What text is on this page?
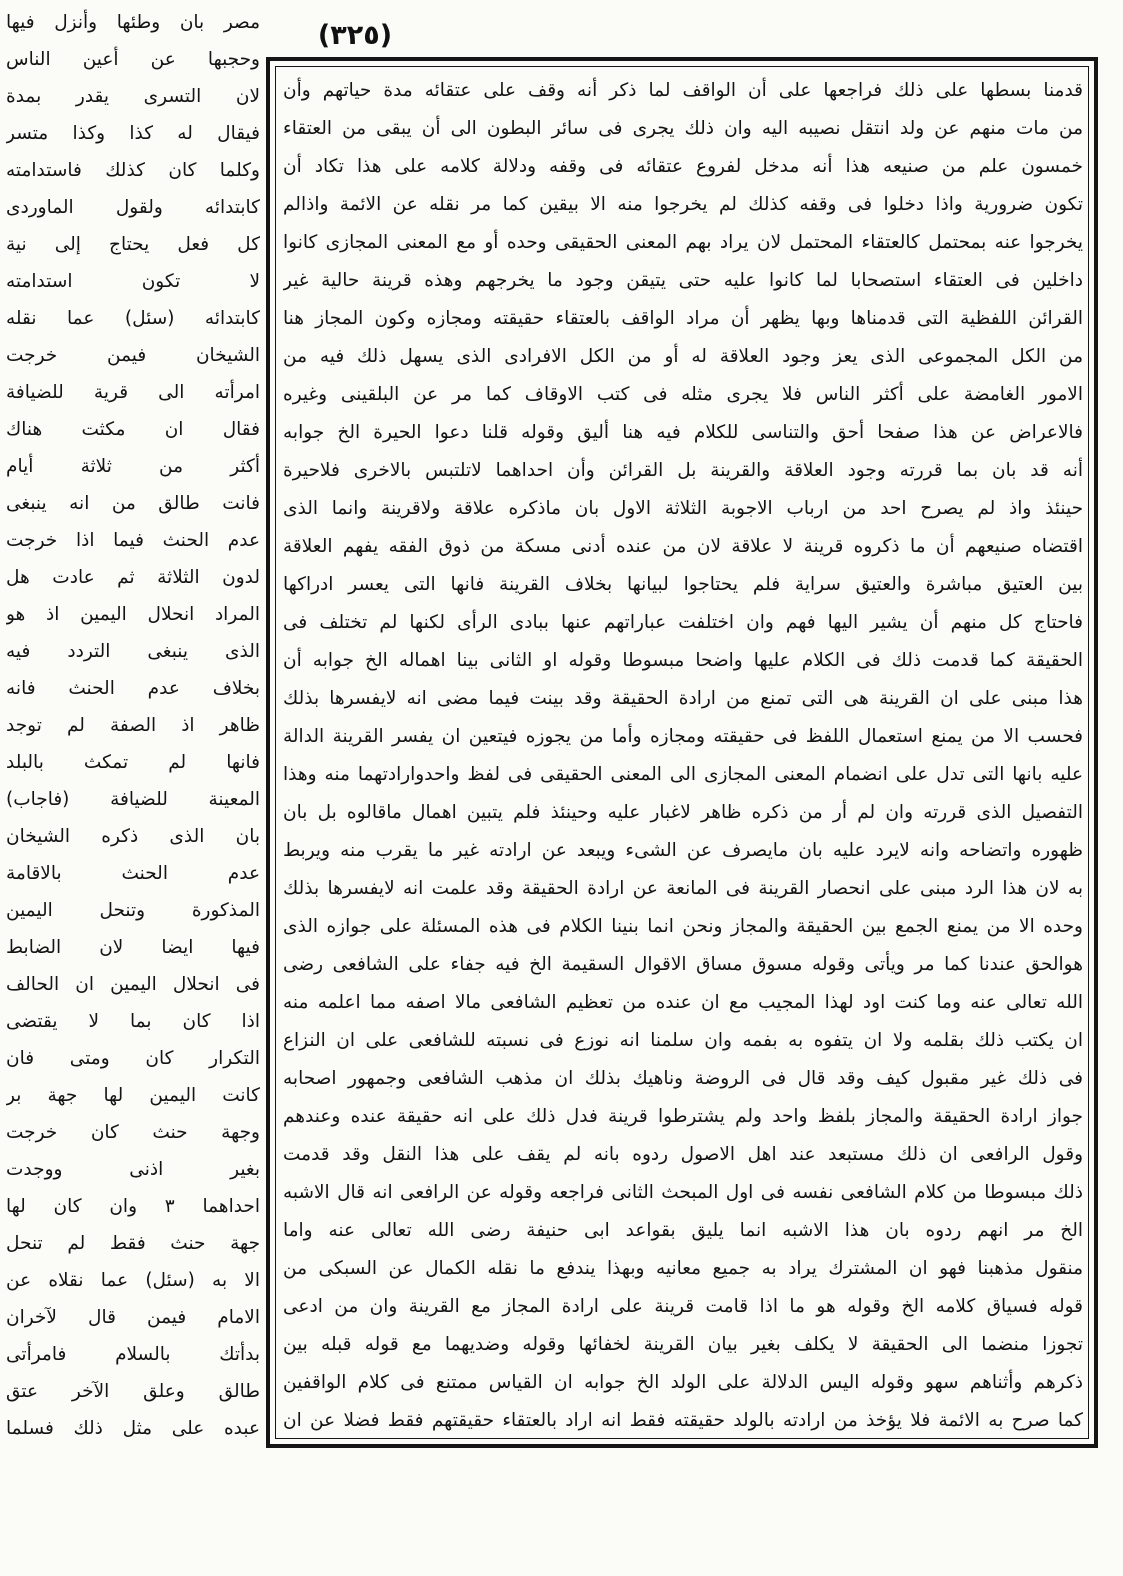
(٣٢٥)
قدمنا بسطها على ذلك فراجعها على أن الواقف لما ذكر أنه وقف على عتقائه مدة حياتهم وأن
من مات منهم عن ولد انتقل نصيبه اليه وان ذلك يجرى فى سائر البطون الى أن يبقى من العتقاء
خمسون علم من صنيعه هذا أنه مدخل لفروع عتقائه فى وقفه ودلالة كلامه على هذا تكاد أن
تكون ضرورية واذا دخلوا فى وقفه كذلك لم يخرجوا منه الا بيقين كما مر نقله عن الائمة واذالم
يخرجوا عنه بمحتمل كالعتقاء المحتمل لان يراد بهم المعنى الحقيقى وحده أو مع المعنى المجازى كانوا
داخلين فى العتقاء استصحابا لما كانوا عليه حتى يتيقن وجود ما يخرجهم وهذه قرينة حالية غير
القرائن اللفظية التى قدمناها وبها يظهر أن مراد الواقف بالعتقاء حقيقته ومجازه وكون المجاز هنا
من الكل المجموعى الذى يعز وجود العلاقة له أو من الكل الافرادى الذى يسهل ذلك فيه من
الامور الغامضة على أكثر الناس فلا يجرى مثله فى كتب الاوقاف كما مر عن البلقينى وغيره
فالاعراض عن هذا صفحا أحق والتناسى للكلام فيه هنا أليق وقوله قلنا دعوا الحيرة الخ جوابه
أنه قد بان بما قررته وجود العلاقة والقرينة بل القرائن وأن احداهما لاتلتبس بالاخرى فلاحيرة
حينئذ واذ لم يصرح احد من ارباب الاجوبة الثلاثة الاول بان ماذكره علاقة ولاقرينة وانما الذى
اقتضاه صنيعهم أن ما ذكروه قرينة لا علاقة لان من عنده أدنى مسكة من ذوق الفقه يفهم العلاقة
بين العتيق مباشرة والعتيق سراية فلم يحتاجوا لبيانها بخلاف القرينة فانها التى يعسر ادراكها
فاحتاج كل منهم أن يشير اليها فهم وان اختلفت عباراتهم عنها ببادى الرأى لكنها لم تختلف فى
الحقيقة كما قدمت ذلك فى الكلام عليها واضحا مبسوطا وقوله او الثانى بينا اهماله الخ جوابه أن
هذا مبنى على ان القرينة هى التى تمنع من ارادة الحقيقة وقد بينت فيما مضى انه لايفسرها بذلك
فحسب الا من يمنع استعمال اللفظ فى حقيقته ومجازه وأما من يجوزه فيتعين ان يفسر القرينة الدالة
عليه بانها التى تدل على انضمام المعنى المجازى الى المعنى الحقيقى فى لفظ واحدوارادتهما منه وهذا
التفصيل الذى قررته وان لم أر من ذكره ظاهر لاغبار عليه وحينئذ فلم يتبين اهمال ماقالوه بل بان
ظهوره واتضاحه وانه لايرد عليه بان مايصرف عن الشىء ويبعد عن ارادته غير ما يقرب منه ويربط
به لان هذا الرد مبنى على انحصار القرينة فى المانعة عن ارادة الحقيقة وقد علمت انه لايفسرها بذلك
وحده الا من يمنع الجمع بين الحقيقة والمجاز ونحن انما بنينا الكلام فى هذه المسئلة على جوازه الذى
هوالحق عندنا كما مر ويأتى وقوله مسوق مساق الاقوال السقيمة الخ فيه جفاء على الشافعى رضى
الله تعالى عنه وما كنت اود لهذا المجيب مع ان عنده من تعظيم الشافعى مالا اصفه مما اعلمه منه
ان يكتب ذلك بقلمه ولا ان يتفوه به بفمه وان سلمنا انه نوزع فى نسبته للشافعى على ان النزاع
فى ذلك غير مقبول كيف وقد قال فى الروضة وناهيك بذلك ان مذهب الشافعى وجمهور اصحابه
جواز ارادة الحقيقة والمجاز بلفظ واحد ولم يشترطوا قرينة فدل ذلك على انه حقيقة عنده وعندهم
وقول الرافعى ان ذلك مستبعد عند اهل الاصول ردوه بانه لم يقف على هذا النقل وقد قدمت
ذلك مبسوطا من كلام الشافعى نفسه فى اول المبحث الثانى فراجعه وقوله عن الرافعى انه قال الاشبه
الخ مر انهم ردوه بان هذا الاشبه انما يليق بقواعد ابى حنيفة رضى الله تعالى عنه واما
منقول مذهبنا فهو ان المشترك يراد به جميع معانيه وبهذا يندفع ما نقله الكمال عن السبكى من
قوله فسياق كلامه الخ وقوله هو ما اذا قامت قرينة على ارادة المجاز مع القرينة وان من ادعى
تجوزا منضما الى الحقيقة لا يكلف بغير بيان القرينة لخفائها وقوله وضديهما مع قوله قبله بين
ذكرهم وأثناهم سهو وقوله اليس الدلالة على الولد الخ جوابه ان القياس ممتنع فى كلام الواقفين
كما صرح به الائمة فلا يؤخذ من ارادته بالولد حقيقته فقط انه اراد بالعتقاء حقيقتهم فقط فضلا عن ان
مصر بان وطئها وأنزل فيها
وحجبها عن أعين الناس
لان التسرى يقدر بمدة
فيقال له كذا وكذا متسر
وكلما كان كذلك فاستدامته
كابتدائه ولقول الماوردى
كل فعل يحتاج إلى نية
لا تكون استدامته
كابتدائه (سئل) عما نقله
الشيخان فيمن خرجت
امرأته الى قرية للضيافة
فقال ان مكثت هناك
أكثر من ثلاثة أيام
فانت طالق من انه ينبغى
عدم الحنث فيما اذا خرجت
لدون الثلاثة ثم عادت هل
المراد انحلال اليمين اذ هو
الذى ينبغى التردد فيه
بخلاف عدم الحنث فانه
ظاهر اذ الصفة لم توجد
فانها لم تمكث بالبلد
المعينة للضيافة (فاجاب)
بان الذى ذكره الشيخان
عدم الحنث بالاقامة
المذكورة وتنحل اليمين
فيها ايضا لان الضابط
فى انحلال اليمين ان الحالف
اذا كان بما لا يقتضى
التكرار كان ومتى فان
كانت اليمين لها جهة بر
وجهة حنث كان خرجت
بغير اذنى ووجدت
احداهما ٣ وان كان لها
جهة حنث فقط لم تنحل
الا به (سئل) عما نقلاه عن
الامام فيمن قال لآخران
بدأتك بالسلام فامرأتى
طالق وعلق الآخر عتق
عبده على مثل ذلك فسلما
